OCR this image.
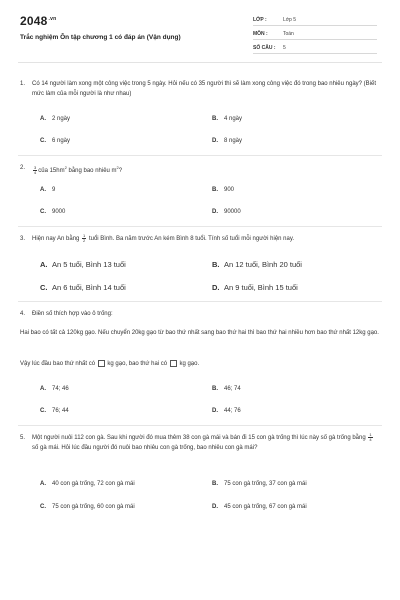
$2048^{.vn}$
Trắc nghiệm Ôn tập chương 1 có đáp án (Vận dụng)
LỚP :	Lớp 5
MÔN :	Toán
SỐ CÂU : 5
1. Có 14 người làm xong một công việc trong 5 ngày. Hỏi nếu có 35 người thì sẽ làm xong công việc đó trong bao nhiêu ngày? (Biết mức làm của mỗi người là như nhau)
A. 2 ngày	B. 4 ngày
C. 6 ngày	D. 8 ngày
2. $\frac{3}{4}$ của $15hm^2$ bằng bao nhiêu $m^2$?
A. 9	B. 900
C. 9000	D. 90000
3. Hiện nay An bằng $\frac{1}{2}$ tuổi Bình. Ba năm trước An kém Bình 8 tuổi. Tính số tuổi mỗi người hiện nay.
A. An 5 tuổi, Bình 13 tuổi	B. An 12 tuổi, Bình 20 tuổi
C. An 6 tuổi, Bình 14 tuổi	D. An 9 tuổi, Bình 15 tuổi
4. Điền số thích hợp vào ô trống:
Hai bao có tất cả 120kg gạo. Nếu chuyển 20kg gạo từ bao thứ nhất sang bao thứ hai thì bao thứ hai nhiều hơn bao thứ nhất 12kg gạo.
Vậy lúc đầu bao thứ nhất có  kg gạo, bao thứ hai có  kg gạo.
A. 74; 46	B. 46; 74
C. 76; 44	D. 44; 76
5. Một người nuôi 112 con gà. Sau khi người đó mua thêm 38 con gà mái và bán đi 15 con gà trống thì lúc này số gà trống bằng $\frac{1}{4}$
số gà mái. Hỏi lúc đầu người đó nuôi bao nhiêu con gà trống, bao nhiêu con gà mái?
A. 40 con gà trống, 72 con gà mái	B. 75 con gà trống, 37 con gà mái
C. 75 con gà trống, 60 con gà mái	D. 45 con gà trống, 67 con gà mái
